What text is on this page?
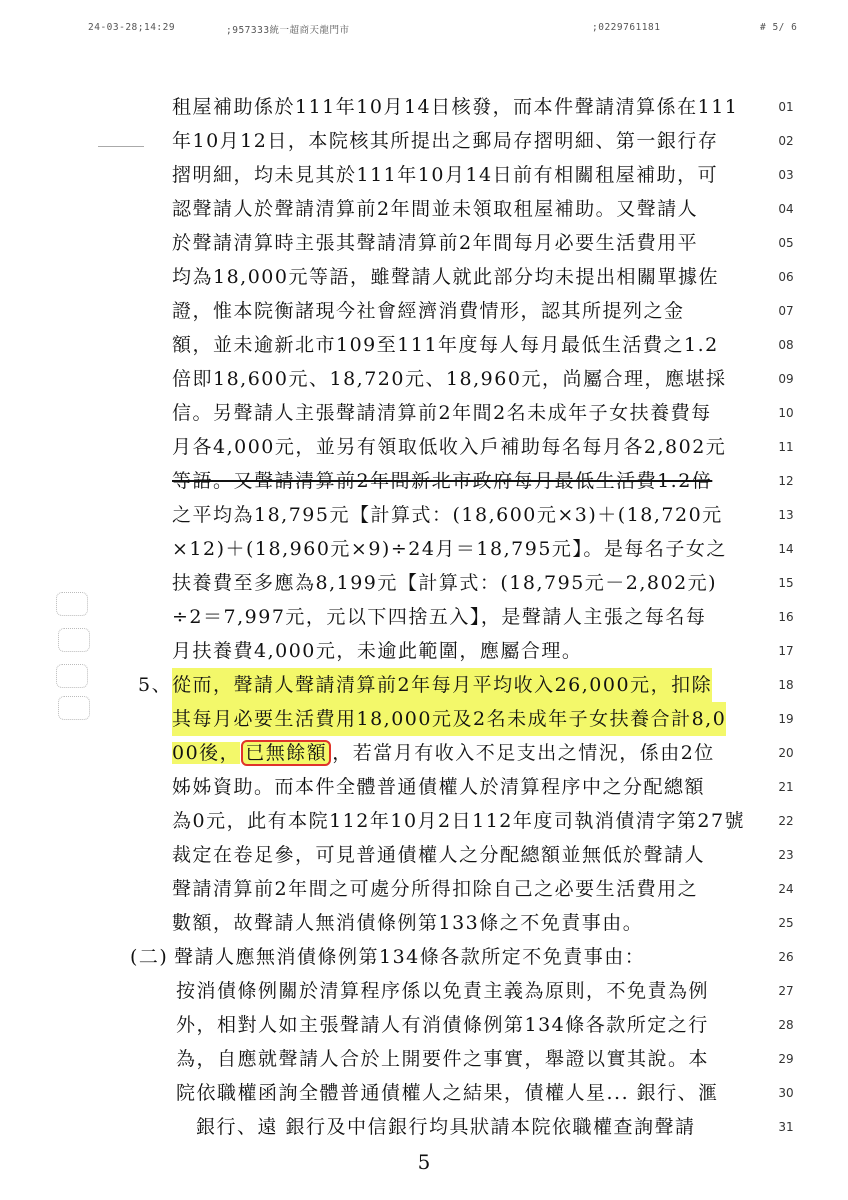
24-03-28;14:29	;957333統一超商天龍門市	;0229761181	# 5/ 6
租屋補助係於111年10月14日核發，而本件聲請清算係在111	01
年10月12日，本院核其所提出之郵局存摺明細、第一銀行存	02
摺明細，均未見其於111年10月14日前有相關租屋補助，可	03
認聲請人於聲請清算前2年間並未領取租屋補助。又聲請人	04
於聲請清算時主張其聲請清算前2年間每月必要生活費用平	05
均為18,000元等語，雖聲請人就此部分均未提出相關單據佐	06
證，惟本院衡諸現今社會經濟消費情形，認其所提列之金	07
額，並未逾新北市109至111年度每人每月最低生活費之1.2	08
倍即18,600元、18,720元、18,960元，尚屬合理，應堪採	09
信。另聲請人主張聲請清算前2年間2名未成年子女扶養費每	10
月各4,000元，並另有領取低收入戶補助每名每月各2,802元	11
等語。又聲請清算前2年間新北市政府每月最低生活費1.2倍	12
之平均為18,795元【計算式：(18,600元×3)＋(18,720元	13
×12)＋(18,960元×9)÷24月＝18,795元】。是每名子女之	14
扶養費至多應為8,199元【計算式：(18,795元－2,802元)	15
÷2＝7,997元，元以下四捨五入】，是聲請人主張之每名每	16
月扶養費4,000元，未逾此範圍，應屬合理。	17
5、 從而，聲請人聲請清算前2年每月平均收入26,000元，扣除	18
其每月必要生活費用18,000元及2名未成年子女扶養合計8,0	19
00後， 已無餘額 ，若當月有收入不足支出之情況，係由2位	20
姊姊資助。而本件全體普通債權人於清算程序中之分配總額	21
為0元，此有本院112年10月2日112年度司執消債清字第27號	22
裁定在卷足參，可見普通債權人之分配總額並無低於聲請人	23
聲請清算前2年間之可處分所得扣除自己之必要生活費用之	24
數額，故聲請人無消債條例第133條之不免責事由。	25
(二) 聲請人應無消債條例第134條各款所定不免責事由：	26
按消債條例關於清算程序係以免責主義為原則，不免責為例	27
外，相對人如主張聲請人有消債條例第134條各款所定之行	28
為，自應就聲請人合於上開要件之事實，舉證以實其說。本	29
院依職權函詢全體普通債權人之結果，債權人星... 銀行、滙	30
銀行、遠 銀行及中信銀行均具狀請本院依職權查詢聲請	31
5
